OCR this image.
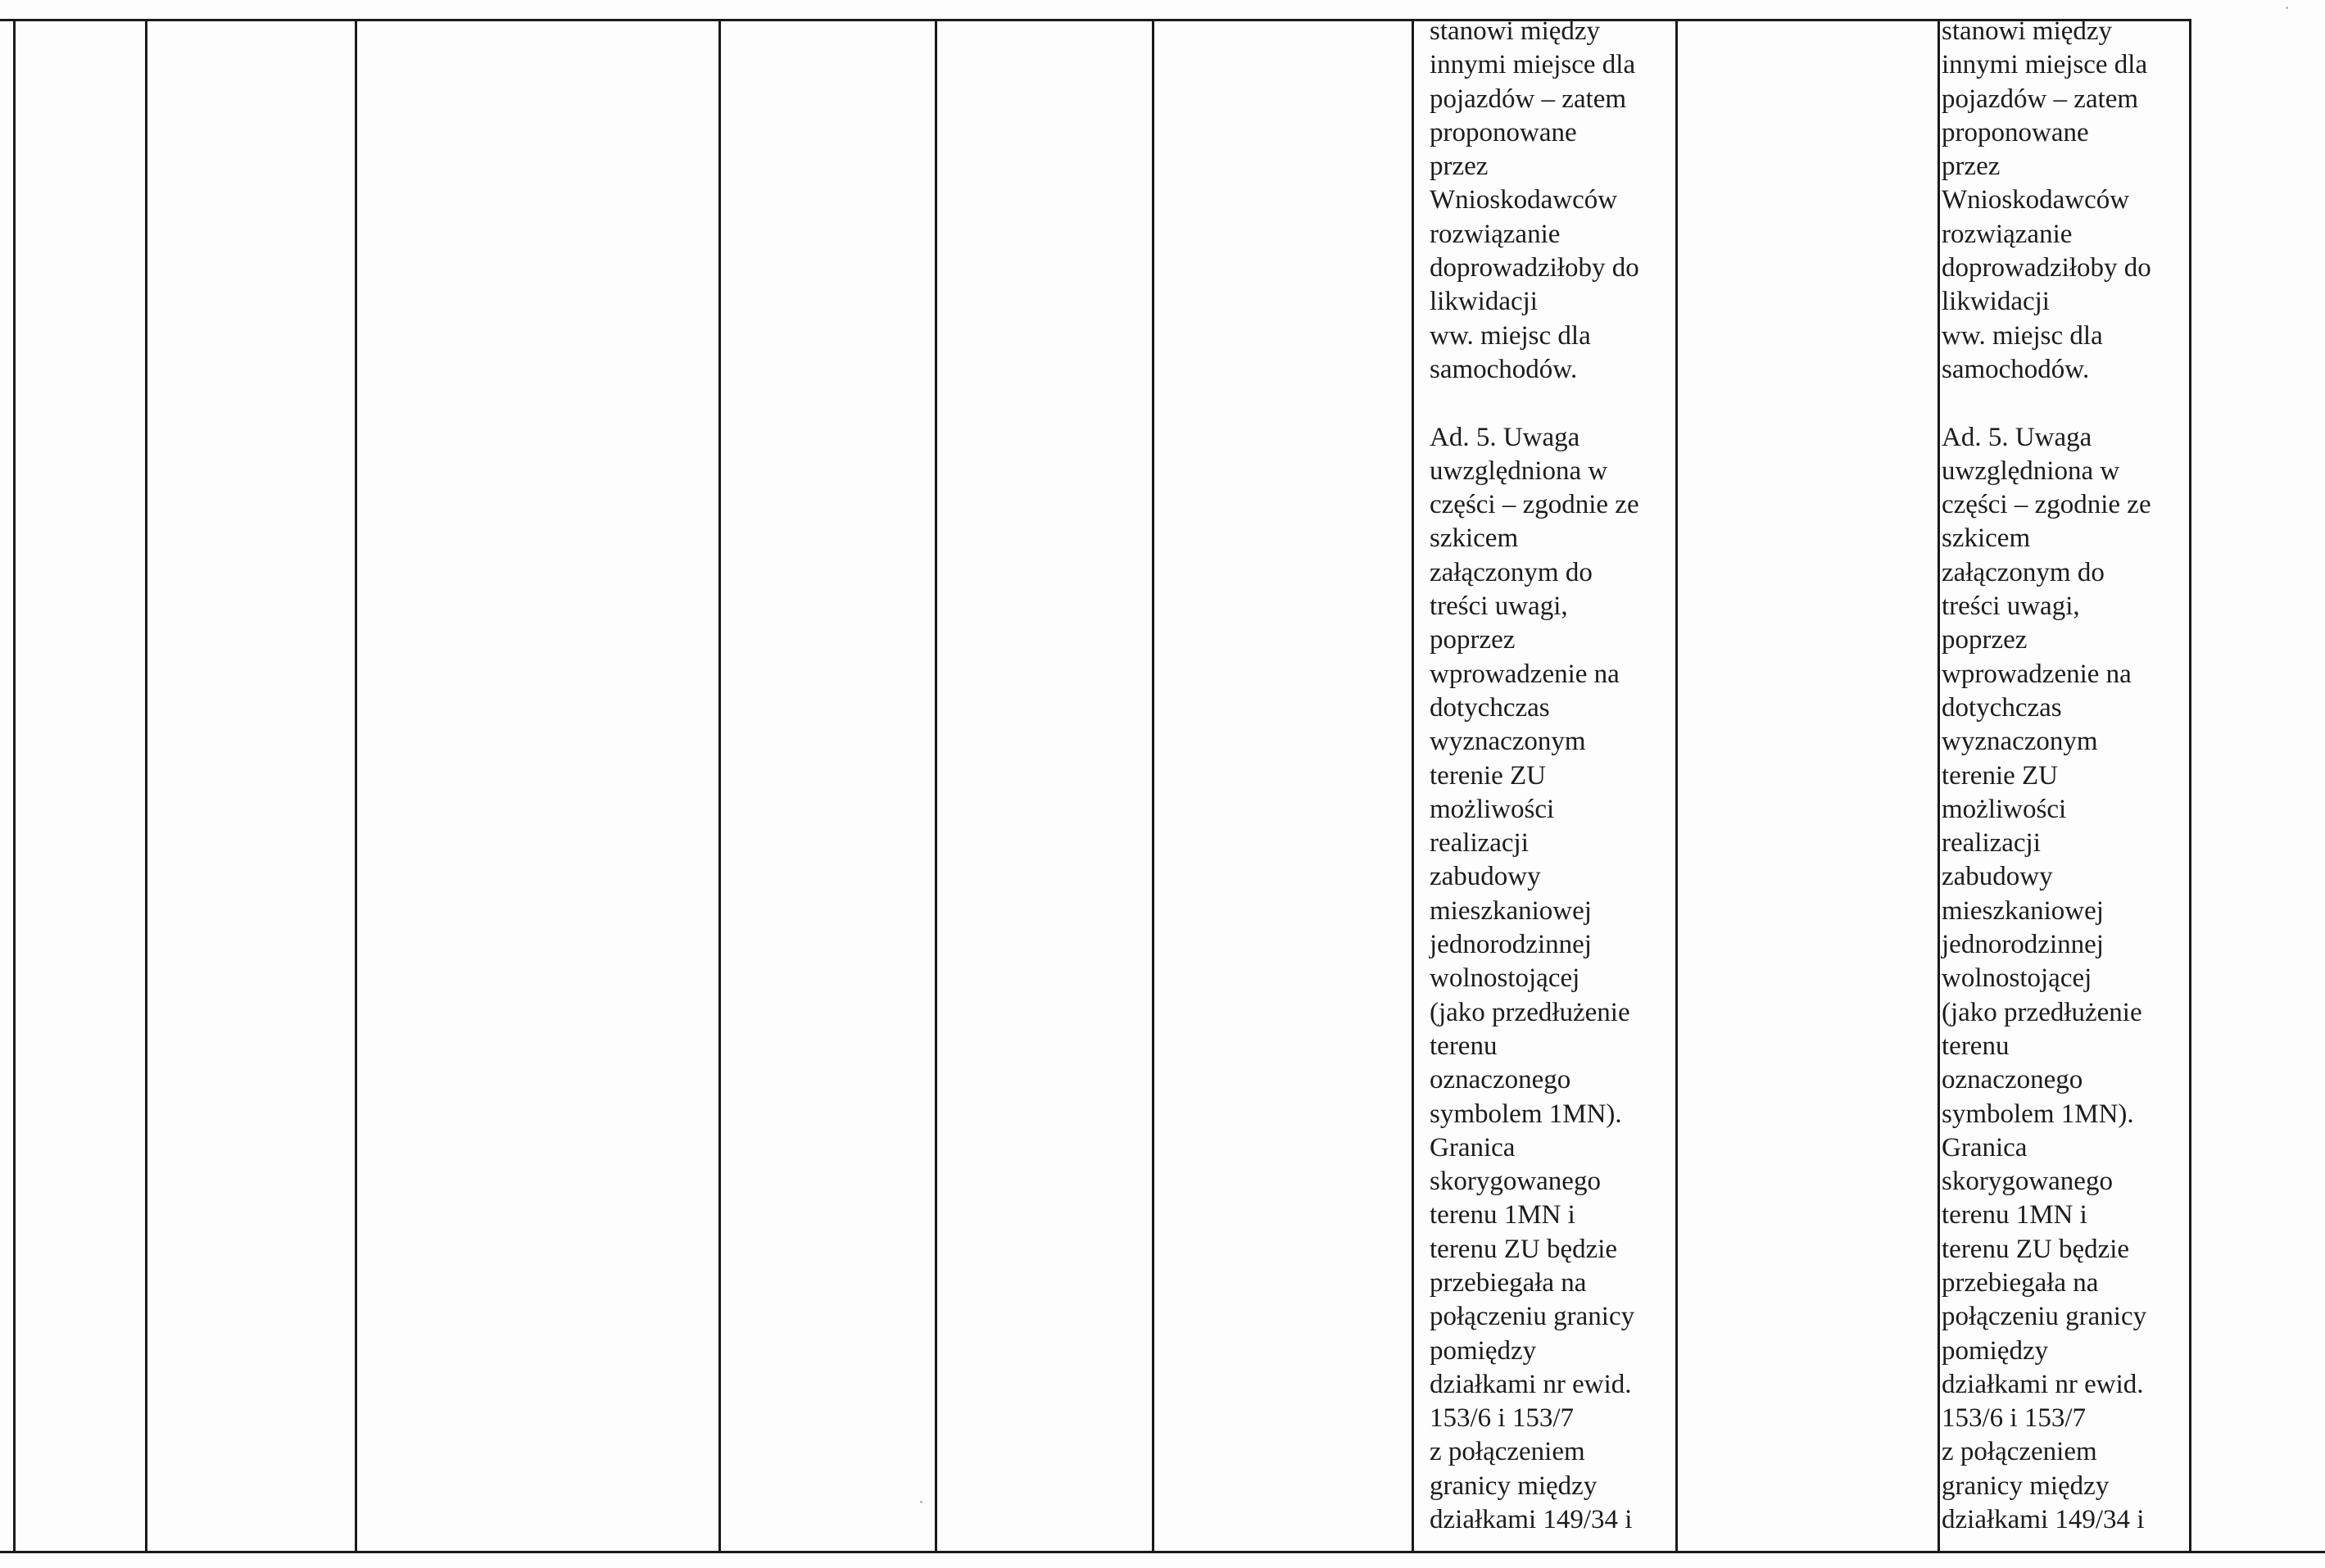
stanowi między
innymi miejsce dla
pojazdów – zatem
proponowane
przez
Wnioskodawców
rozwiązanie
doprowadziłoby do
likwidacji
ww. miejsc dla
samochodów.

Ad. 5. Uwaga
uwzględniona w
części – zgodnie ze
szkicem
załączonym do
treści uwagi,
poprzez
wprowadzenie na
dotychczas
wyznaczonym
terenie ZU
możliwości
realizacji
zabudowy
mieszkaniowej
jednorodzinnej
wolnostojącej
(jako przedłużenie
terenu
oznaczonego
symbolem 1MN).
Granica
skorygowanego
terenu 1MN i
terenu ZU będzie
przebiegała na
połączeniu granicy
pomiędzy
działkami nr ewid.
153/6 i 153/7
z połączeniem
granicy między
działkami 149/34 i
stanowi między
innymi miejsce dla
pojazdów – zatem
proponowane
przez
Wnioskodawców
rozwiązanie
doprowadziłoby do
likwidacji
ww. miejsc dla
samochodów.

Ad. 5. Uwaga
uwzględniona w
części – zgodnie ze
szkicem
załączonym do
treści uwagi,
poprzez
wprowadzenie na
dotychczas
wyznaczonym
terenie ZU
możliwości
realizacji
zabudowy
mieszkaniowej
jednorodzinnej
wolnostojącej
(jako przedłużenie
terenu
oznaczonego
symbolem 1MN).
Granica
skorygowanego
terenu 1MN i
terenu ZU będzie
przebiegała na
połączeniu granicy
pomiędzy
działkami nr ewid.
153/6 i 153/7
z połączeniem
granicy między
działkami 149/34 i
